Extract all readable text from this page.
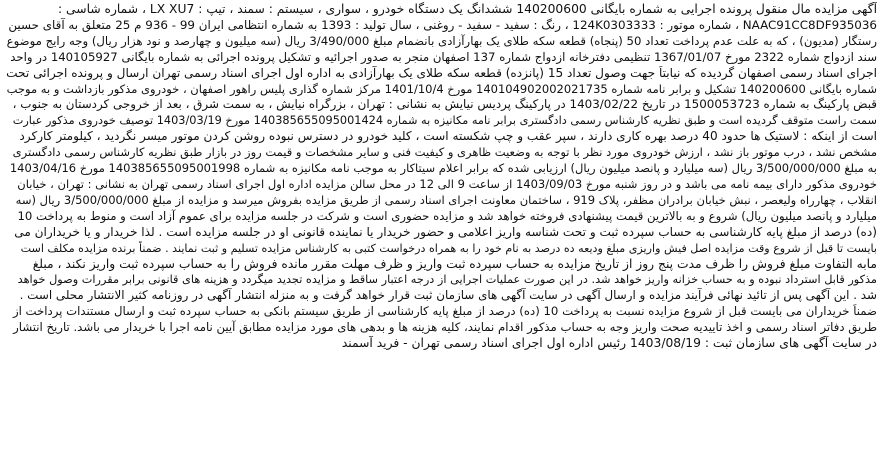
آگهی مزایده مال منقول پرونده اجرایی به شماره بایگانی 140200600 ششدانگ یک دستگاه خودرو ، سواری ، سیستم : سمند ، تیپ : LX XU7 ، شماره شاسی :
NAAC91CC8DF935036 ، شماره موتور : 124K0303333 ، رنگ : سفید - سفید - روغنی ، سال تولید : 1393 به شماره انتظامی ایران 99 - 936 م 25 متعلق به آقای حسین
رستگار (مدیون) ، که به علت عدم پرداخت تعداد 50 (پنجاه) قطعه سکه طلای یک بهارآزادی بانضمام مبلغ 3/490/000 ریال (سه میلیون و چهارصد و نود هزار ریال) وجه رایج موضوع
سند ازدواج شماره 2322 مورخ 1367/01/07 تنظیمی دفترخانه ازدواج شماره 137 اصفهان منجر به صدور اجرائیه و تشکیل پرونده اجرائی به شماره بایگانی 140105927 در واحد
اجرای اسناد رسمی اصفهان گردیده که نیابتاً جهت وصول تعداد 15 (پانزده) قطعه سکه طلای یک بهارآزادی به اداره اول اجرای اسناد رسمی تهران ارسال و پرونده اجرائی تحت
شماره بایگانی 140200600 تشکیل و برابر نامه شماره 140104902002021735 مورخ 1401/10/4 مرکز شماره گذاری پلیس راهور اصفهان ، خودروی مذکور بازداشت و به موجب
قبض پارکینگ به شماره 1500053723 در تاریخ 1403/02/22 در پارکینگ پردیس نیایش به نشانی : تهران ، بزرگراه نیایش ، به سمت شرق ، بعد از خروجی کردستان به جنوب ،
سمت راست متوقف گردیده است و طبق نظریه کارشناس رسمی دادگستری برابر نامه مکانیزه به شماره 140385655095001424 مورخ 1403/03/19 توصیف خودروی مذکور عبارت
است از اینکه : لاستیک ها حدود 40 درصد بهره کاری دارند ، سپر عقب و چپ شکسته است ، کلید خودرو در دسترس نبوده روشن کردن موتور میسر نگردید ، کیلومتر کارکرد
مشخص نشد ، درب موتور باز نشد ، ارزش خودروی مورد نظر با توجه به وضعیت ظاهری و کیفیت فنی و سایر مشخصات و قیمت روز در بازار طبق نظریه کارشناس رسمی دادگستری
به مبلغ 3/500/000/000 ریال (سه میلیارد و پانصد میلیون ریال) ارزیابی شده که برابر اعلام سیتاکار به موجب نامه مکانیزه به شماره 140385655095001998 مورخ 1403/04/16
خودروی مذکور دارای بیمه نامه می باشد و در روز شنبه مورخ 1403/09/03 از ساعت 9 الی 12 در محل سالن مزایده اداره اول اجرای اسناد رسمی تهران به نشانی : تهران ، خیابان
انقلاب ، چهارراه ولیعصر ، نبش خیابان برادران مظفر، پلاک 919 ، ساختمان معاونت اجرای اسناد رسمی از طریق مزایده بفروش میرسد و مزایده از مبلغ 3/500/000/000 ریال (سه
میلیارد و پانصد میلیون ریال) شروع و به بالاترین قیمت پیشنهادی فروخته خواهد شد و مزایده حضوری است و شرکت در جلسه مزایده برای عموم آزاد است و منوط به پرداخت 10
(ده) درصد از مبلغ پایه کارشناسی به حساب سپرده ثبت و تحت شناسه واریز اعلامی و حضور خریدار یا نماینده قانونی او در جلسه مزایده است . لذا خریدار و یا خریداران می
بایست تا قبل از شروع وقت مزایده اصل فیش واریزی مبلغ ودیعه ده درصد به نام خود را به همراه درخواست کتبی به کارشناس مزایده تسلیم و ثبت نمایند . ضمناً برنده مزایده مکلف است
مابه التفاوت مبلغ فروش را ظرف مدت پنج روز از تاریخ مزایده به حساب سپرده ثبت واریز و ظرف مهلت مقرر مانده فروش را به حساب سپرده ثبت واریز نکند ، مبلغ
مذکور قابل استرداد نبوده و به حساب خزانه واریز خواهد شد. در این صورت عملیات اجرایی از درجه اعتبار ساقط و مزایده تجدید میگردد و هزینه های قانونی برابر مقررات وصول خواهد
شد . این آگهی پس از تائید نهائی فرآیند مزایده و ارسال آگهی در سایت آگهی های سازمان ثبت قرار خواهد گرفت و به منزله انتشار آگهی در روزنامه کثیر الانتشار محلی است .
ضمناً خریداران می بایست قبل از شروع مزایده نسبت به پرداخت 10 (ده) درصد از مبلغ پایه کارشناسی از طریق سیستم بانکی به حساب سپرده ثبت و ارسال مستندات پرداخت از
طریق دفاتر اسناد رسمی و اخذ تاییدیه صحت واریز وجه به حساب مذکور اقدام نمایند، کلیه هزینه ها و بدهی های مورد مزایده مطابق آیین نامه اجرا با خریدار می باشد. تاریخ انتشار
در سایت آگهی های سازمان ثبت : 1403/08/19 رئیس اداره اول اجرای اسناد رسمی تهران - فرید آسمند
